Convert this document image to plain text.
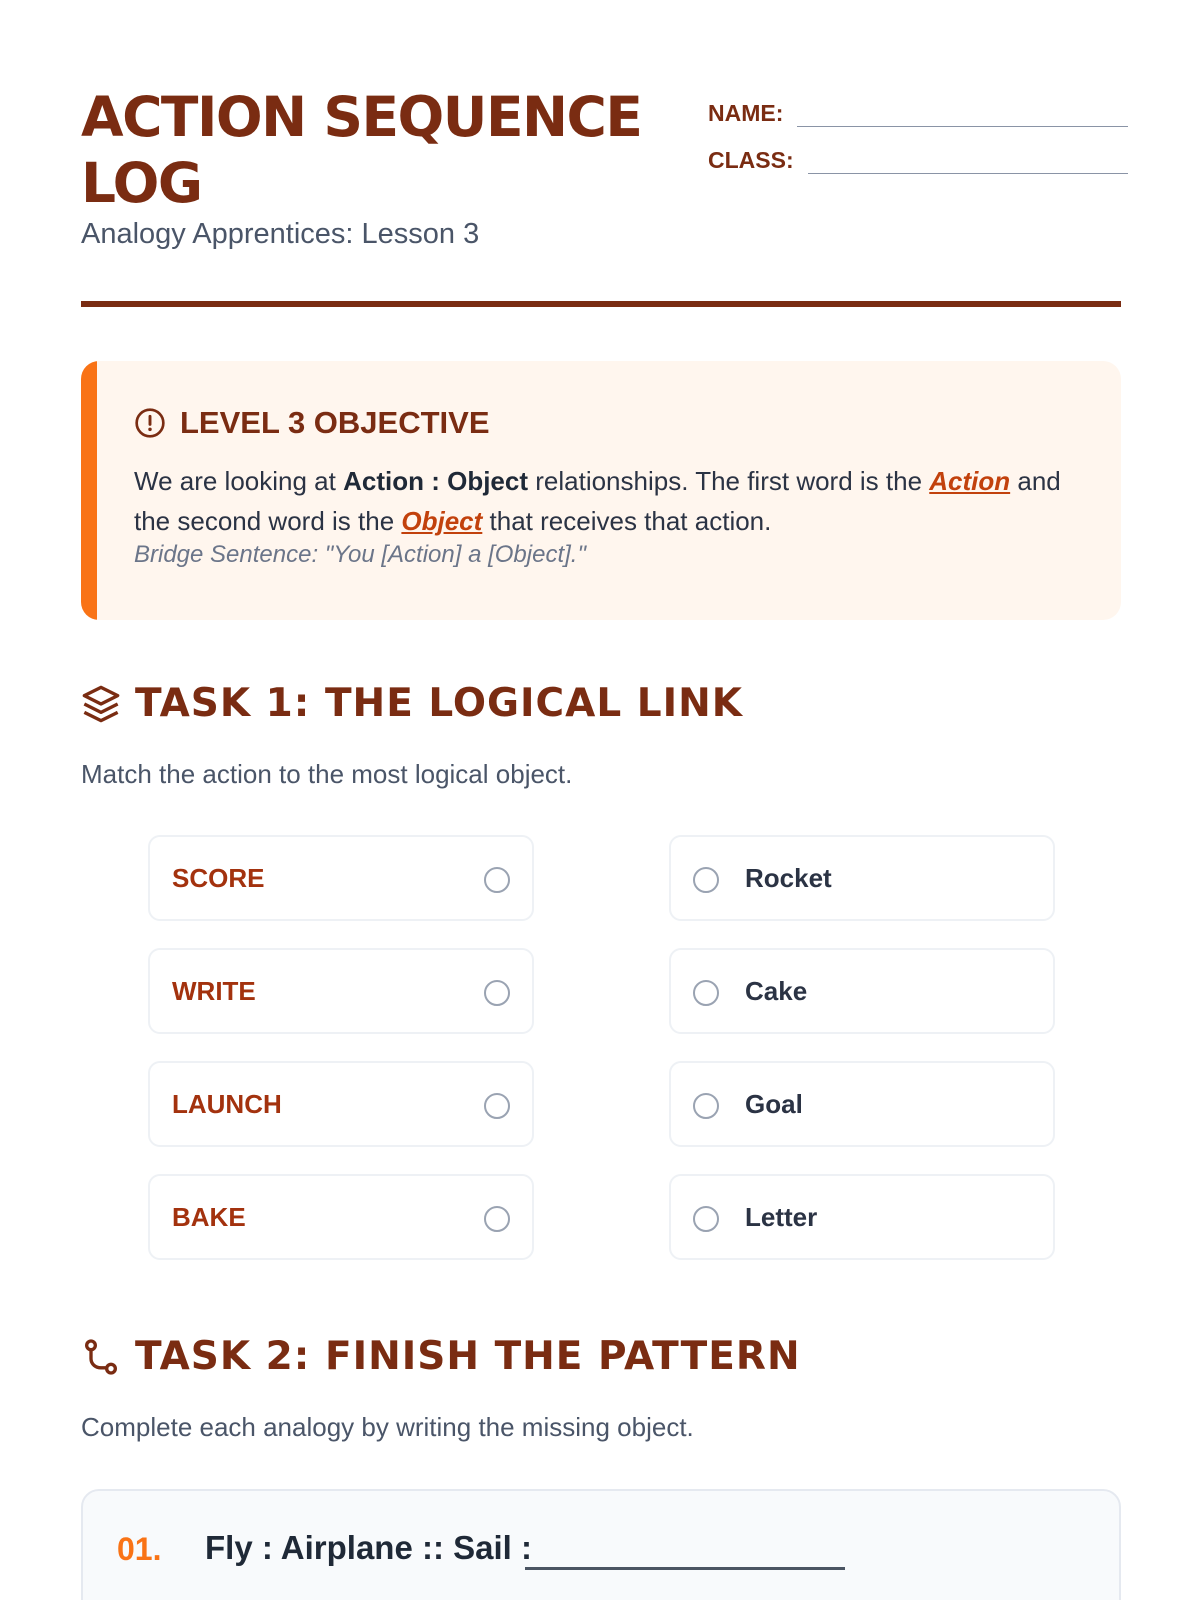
ACTION SEQUENCE LOG
Analogy Apprentices: Lesson 3
NAME:
CLASS:
LEVEL 3 OBJECTIVE

We are looking at Action : Object relationships. The first word is the Action and the second word is the Object that receives that action.

Bridge Sentence: "You [Action] a [Object]."
TASK 1: THE LOGICAL LINK
Match the action to the most logical object.
SCORE
WRITE
LAUNCH
BAKE
Rocket
Cake
Goal
Letter
TASK 2: FINISH THE PATTERN
Complete each analogy by writing the missing object.
01. Fly : Airplane :: Sail :
